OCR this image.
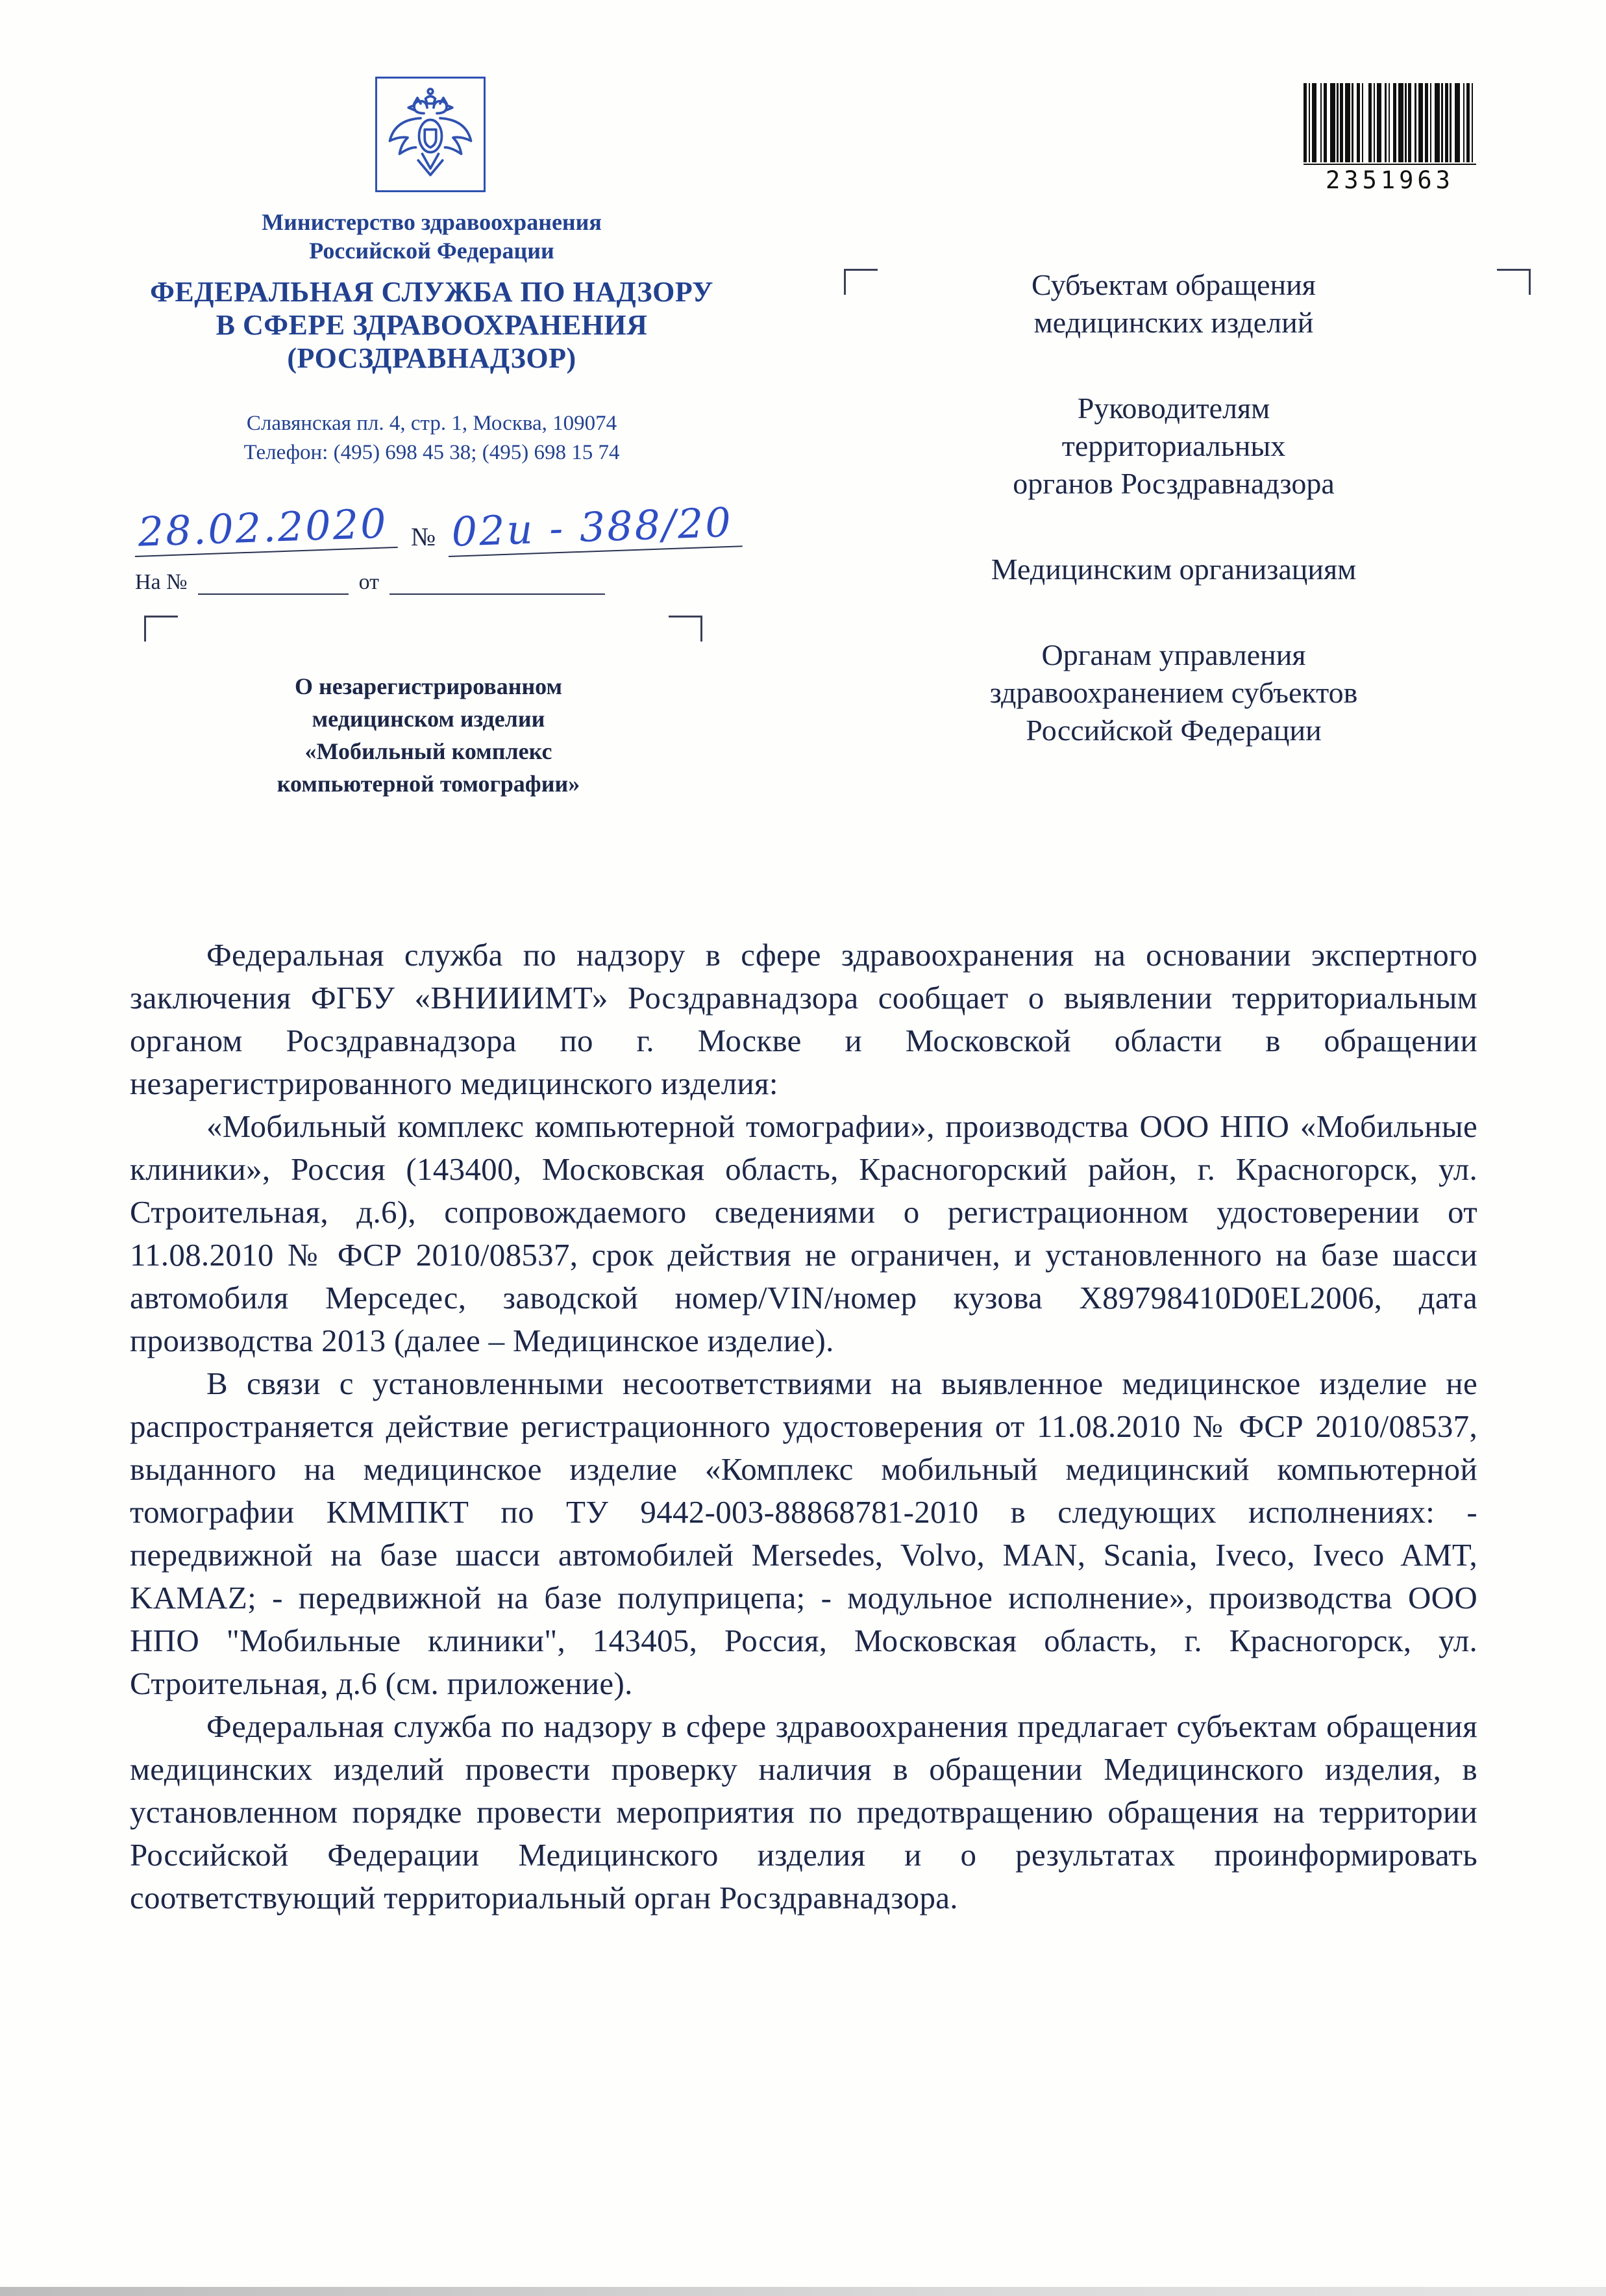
Министерство здравоохранения
Российской Федерации
ФЕДЕРАЛЬНАЯ СЛУЖБА ПО НАДЗОРУ
В СФЕРЕ ЗДРАВООХРАНЕНИЯ
(РОСЗДРАВНАДЗОР)
Славянская пл. 4, стр. 1, Москва, 109074
Телефон: (495) 698 45 38; (495) 698 15 74
28.02.2020 № 02и - 388/20
На №	от
О незарегистрированном
медицинском изделии
«Мобильный комплекс
компьютерной томографии»
2351963
Субъектам обращения
медицинских изделий
Руководителям
территориальных
органов Росздравнадзора
Медицинским организациям
Органам управления
здравоохранением субъектов
Российской Федерации

Федеральная служба по надзору в сфере здравоохранения на основании экспертного заключения ФГБУ «ВНИИИМТ» Росздравнадзора сообщает о выявлении территориальным органом Росздравнадзора по г. Москве и Московской области в обращении незарегистрированного медицинского изделия:

«Мобильный комплекс компьютерной томографии», производства ООО НПО «Мобильные клиники», Россия (143400, Московская область, Красногорский район, г. Красногорск, ул. Строительная, д.6), сопровождаемого сведениями о регистрационном удостоверении от 11.08.2010 № ФСР 2010/08537, срок действия не ограничен, и установленного на базе шасси автомобиля Мерседес, заводской номер/VIN/номер кузова X89798410D0EL2006, дата производства 2013 (далее – Медицинское изделие).

В связи с установленными несоответствиями на выявленное медицинское изделие не распространяется действие регистрационного удостоверения от 11.08.2010 № ФСР 2010/08537, выданного на медицинское изделие «Комплекс мобильный медицинский компьютерной томографии КММПКТ по ТУ 9442-003-88868781-2010 в следующих исполнениях: - передвижной на базе шасси автомобилей Mersedes, Volvo, MAN, Scania, Iveco, Iveco AMT, KAMAZ; - передвижной на базе полуприцепа; - модульное исполнение», производства ООО НПО "Мобильные клиники", 143405, Россия, Московская область, г. Красногорск, ул. Строительная, д.6 (см. приложение).

Федеральная служба по надзору в сфере здравоохранения предлагает субъектам обращения медицинских изделий провести проверку наличия в обращении Медицинского изделия, в установленном порядке провести мероприятия по предотвращению обращения на территории Российской Федерации Медицинского изделия и о результатах проинформировать соответствующий территориальный орган Росздравнадзора.
